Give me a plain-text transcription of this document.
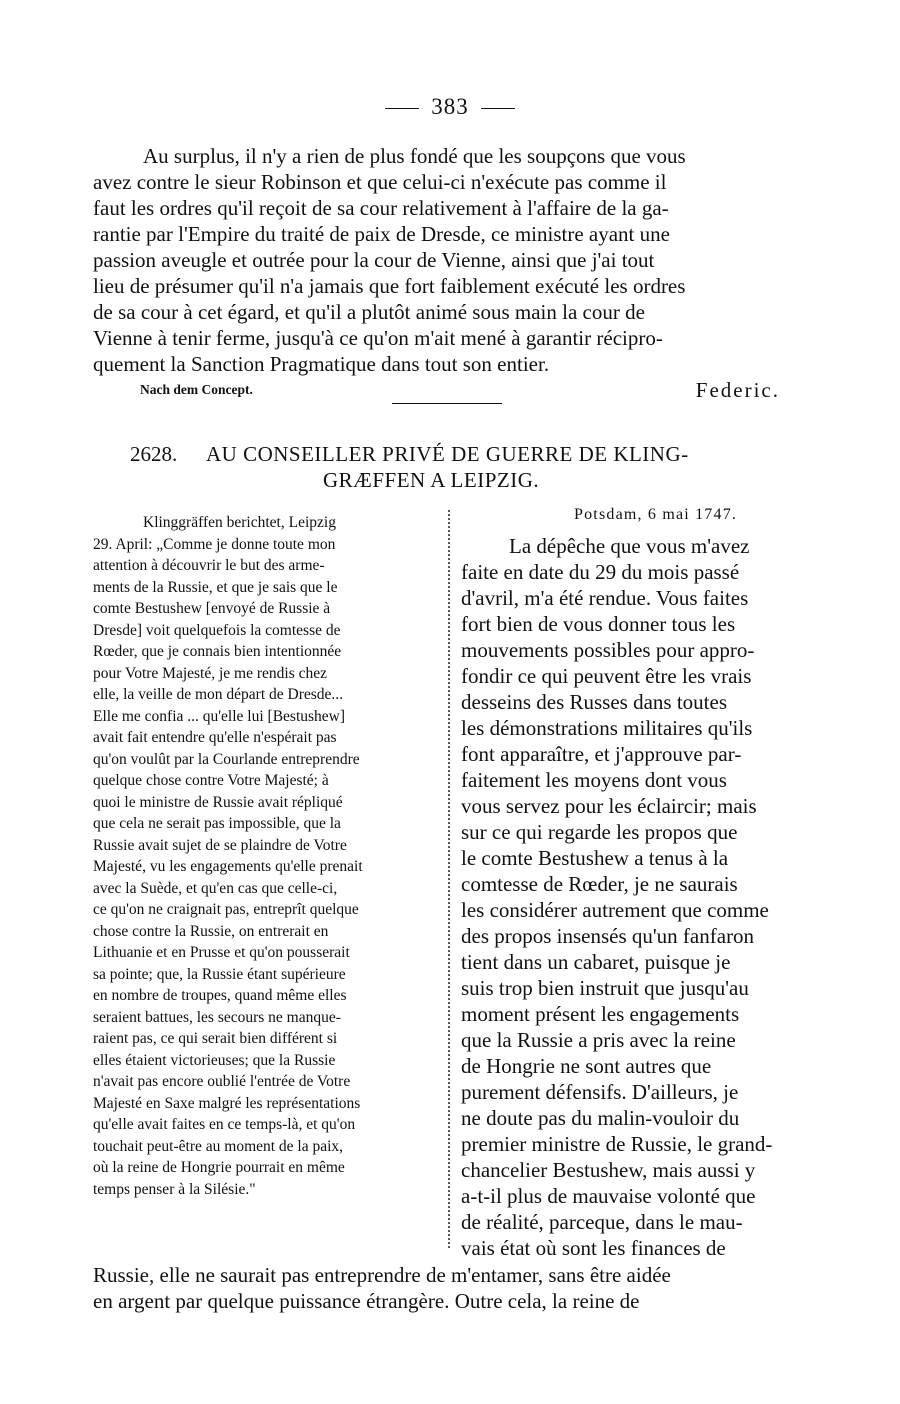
383
Au surplus, il n'y a rien de plus fondé que les soupçons que vous
avez contre le sieur Robinson et que celui-ci n'exécute pas comme il
faut les ordres qu'il reçoit de sa cour relativement à l'affaire de la ga-
rantie par l'Empire du traité de paix de Dresde, ce ministre ayant une
passion aveugle et outrée pour la cour de Vienne, ainsi que j'ai tout
lieu de présumer qu'il n'a jamais que fort faiblement exécuté les ordres
de sa cour à cet égard, et qu'il a plutôt animé sous main la cour de
Vienne à tenir ferme, jusqu'à ce qu'on m'ait mené à garantir récipro-
quement la Sanction Pragmatique dans tout son entier.
Nach dem Concept.	Federic.
2628. AU CONSEILLER PRIVÉ DE GUERRE DE KLING-
GRÆFFEN A LEIPZIG.
Potsdam, 6 mai 1747.
Klinggräffen berichtet, Leipzig
29. April: „Comme je donne toute mon
attention à découvrir le but des arme-
ments de la Russie, et que je sais que le
comte Bestushew [envoyé de Russie à
Dresde] voit quelquefois la comtesse de
Rœder, que je connais bien intentionnée
pour Votre Majesté, je me rendis chez
elle, la veille de mon départ de Dresde...
Elle me confia ... qu'elle lui [Bestushew]
avait fait entendre qu'elle n'espérait pas
qu'on voulût par la Courlande entreprendre
quelque chose contre Votre Majesté; à
quoi le ministre de Russie avait répliqué
que cela ne serait pas impossible, que la
Russie avait sujet de se plaindre de Votre
Majesté, vu les engagements qu'elle prenait
avec la Suède, et qu'en cas que celle-ci,
ce qu'on ne craignait pas, entreprît quelque
chose contre la Russie, on entrerait en
Lithuanie et en Prusse et qu'on pousserait
sa pointe; que, la Russie étant supérieure
en nombre de troupes, quand même elles
seraient battues, les secours ne manque-
raient pas, ce qui serait bien différent si
elles étaient victorieuses; que la Russie
n'avait pas encore oublié l'entrée de Votre
Majesté en Saxe malgré les représentations
qu'elle avait faites en ce temps-là, et qu'on
touchait peut-être au moment de la paix,
où la reine de Hongrie pourrait en même
temps penser à la Silésie."
La dépêche que vous m'avez
faite en date du 29 du mois passé
d'avril, m'a été rendue. Vous faites
fort bien de vous donner tous les
mouvements possibles pour appro-
fondir ce qui peuvent être les vrais
desseins des Russes dans toutes
les démonstrations militaires qu'ils
font apparaître, et j'approuve par-
faitement les moyens dont vous
vous servez pour les éclaircir; mais
sur ce qui regarde les propos que
le comte Bestushew a tenus à la
comtesse de Rœder, je ne saurais
les considérer autrement que comme
des propos insensés qu'un fanfaron
tient dans un cabaret, puisque je
suis trop bien instruit que jusqu'au
moment présent les engagements
que la Russie a pris avec la reine
de Hongrie ne sont autres que
purement défensifs. D'ailleurs, je
ne doute pas du malin-vouloir du
premier ministre de Russie, le grand-
chancelier Bestushew, mais aussi y
a-t-il plus de mauvaise volonté que
de réalité, parceque, dans le mau-
vais état où sont les finances de
Russie, elle ne saurait pas entreprendre de m'entamer, sans être aidée
en argent par quelque puissance étrangère. Outre cela, la reine de
